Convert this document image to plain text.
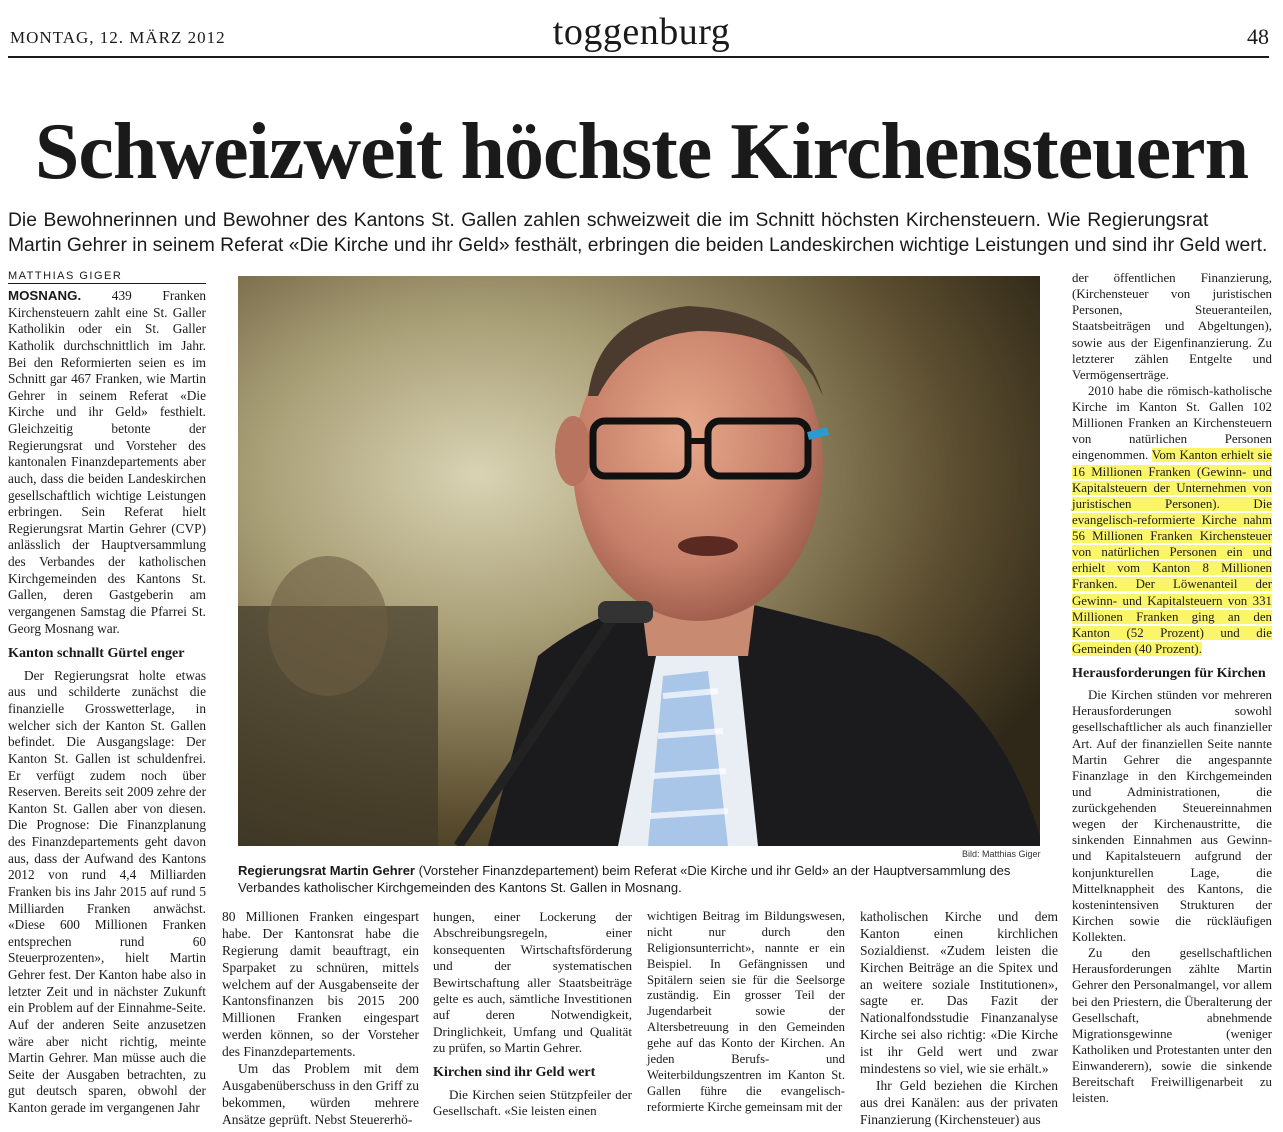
MONTAG, 12. MÄRZ 2012	toggenburg	48
Schweizweit höchste Kirchensteuern
Die Bewohnerinnen und Bewohner des Kantons St. Gallen zahlen schweizweit die im Schnitt höchsten Kirchensteuern. Wie Regierungsrat
Martin Gehrer in seinem Referat «Die Kirche und ihr Geld» festhält, erbringen die beiden Landeskirchen wichtige Leistungen und sind ihr Geld wert.
MATTHIAS GIGER

MOSNANG. 439 Franken Kirchensteuern zahlt eine St. Galler Katholikin oder ein St. Galler Katholik durchschnittlich im Jahr. Bei den Reformierten seien es im Schnitt gar 467 Franken, wie Martin Gehrer in seinem Referat «Die Kirche und ihr Geld» festhielt. Gleichzeitig betonte der Regierungsrat und Vorsteher des kantonalen Finanzdepartements aber auch, dass die beiden Landeskirchen gesellschaftlich wichtige Leistungen erbringen. Sein Referat hielt Regierungsrat Martin Gehrer (CVP) anlässlich der Hauptversammlung des Verbandes der katholischen Kirchgemeinden des Kantons St. Gallen, deren Gastgeberin am vergangenen Samstag die Pfarrei St. Georg Mosnang war.

Kanton schnallt Gürtel enger

Der Regierungsrat holte etwas aus und schilderte zunächst die finanzielle Grosswetterlage, in welcher sich der Kanton St. Gallen befindet. Die Ausgangslage: Der Kanton St. Gallen ist schuldenfrei. Er verfügt zudem noch über Reserven. Bereits seit 2009 zehre der Kanton St. Gallen aber von diesen. Die Prognose: Die Finanzplanung des Finanzdepartements geht davon aus, dass der Aufwand des Kantons 2012 von rund 4,4 Milliarden Franken bis ins Jahr 2015 auf rund 5 Milliarden Franken anwächst. «Diese 600 Millionen Franken entsprechen rund 60 Steuerprozenten», hielt Martin Gehrer fest. Der Kanton habe also in letzter Zeit und in nächster Zukunft ein Problem auf der Einnahme-Seite. Auf der anderen Seite anzusetzen wäre aber nicht richtig, meinte Martin Gehrer. Man müsse auch die Seite der Ausgaben betrachten, zu gut deutsch sparen, obwohl der Kanton gerade im vergangenen Jahr

Bild: Matthias Giger
Regierungsrat Martin Gehrer (Vorsteher Finanzdepartement) beim Referat «Die Kirche und ihr Geld» an der Hauptversammlung des Verbandes katholischer Kirchgemeinden des Kantons St. Gallen in Mosnang.

80 Millionen Franken eingespart habe. Der Kantonsrat habe die Regierung damit beauftragt, ein Sparpaket zu schnüren, mittels welchem auf der Ausgabenseite der Kantonsfinanzen bis 2015 200 Millionen Franken eingespart werden können, so der Vorsteher des Finanzdepartements.

Um das Problem mit dem Ausgabenüberschuss in den Griff zu bekommen, würden mehrere Ansätze geprüft. Nebst Steuererhö-

hungen, einer Lockerung der Abschreibungsregeln, einer konsequenten Wirtschaftsförderung und der systematischen Bewirtschaftung aller Staatsbeiträge gelte es auch, sämtliche Investitionen auf deren Notwendigkeit, Dringlichkeit, Umfang und Qualität zu prüfen, so Martin Gehrer.

Kirchen sind ihr Geld wert

Die Kirchen seien Stützpfeiler der Gesellschaft. «Sie leisten einen

wichtigen Beitrag im Bildungswesen, nicht nur durch den Religionsunterricht», nannte er ein Beispiel. In Gefängnissen und Spitälern seien sie für die Seelsorge zuständig. Ein grosser Teil der Jugendarbeit sowie der Altersbetreuung in den Gemeinden gehe auf das Konto der Kirchen. An jeden Berufs- und Weiterbildungszentren im Kanton St. Gallen führe die evangelisch-reformierte Kirche gemeinsam mit der

katholischen Kirche und dem Kanton einen kirchlichen Sozialdienst. «Zudem leisten die Kirchen Beiträge an die Spitex und an weitere soziale Institutionen», sagte er. Das Fazit der Nationalfondsstudie Finanzanalyse Kirche sei also richtig: «Die Kirche ist ihr Geld wert und zwar mindestens so viel, wie sie erhält.»

Ihr Geld beziehen die Kirchen aus drei Kanälen: aus der privaten Finanzierung (Kirchensteuer) aus

der öffentlichen Finanzierung, (Kirchensteuer von juristischen Personen, Steueranteilen, Staatsbeiträgen und Abgeltungen), sowie aus der Eigenfinanzierung. Zu letzterer zählen Entgelte und Vermögenserträge.

2010 habe die römisch-katholische Kirche im Kanton St. Gallen 102 Millionen Franken an Kirchensteuern von natürlichen Personen eingenommen. Vom Kanton erhielt sie 16 Millionen Franken (Gewinn- und Kapitalsteuern der Unternehmen von juristischen Personen). Die evangelisch-reformierte Kirche nahm 56 Millionen Franken Kirchensteuer von natürlichen Personen ein und erhielt vom Kanton 8 Millionen Franken. Der Löwenanteil der Gewinn- und Kapitalsteuern von 331 Millionen Franken ging an den Kanton (52 Prozent) und die Gemeinden (40 Prozent).

Herausforderungen für Kirchen

Die Kirchen stünden vor mehreren Herausforderungen sowohl gesellschaftlicher als auch finanzieller Art. Auf der finanziellen Seite nannte Martin Gehrer die angespannte Finanzlage in den Kirchgemeinden und Administrationen, die zurückgehenden Steuereinnahmen wegen der Kirchenaustritte, die sinkenden Einnahmen aus Gewinn- und Kapitalsteuern aufgrund der konjunkturellen Lage, die Mittelknappheit des Kantons, die kostenintensiven Strukturen der Kirchen sowie die rückläufigen Kollekten.

Zu den gesellschaftlichen Herausforderungen zählte Martin Gehrer den Personalmangel, vor allem bei den Priestern, die Überalterung der Gesellschaft, abnehmende Migrationsgewinne (weniger Katholiken und Protestanten unter den Einwanderern), sowie die sinkende Bereitschaft Freiwilligenarbeit zu leisten.
